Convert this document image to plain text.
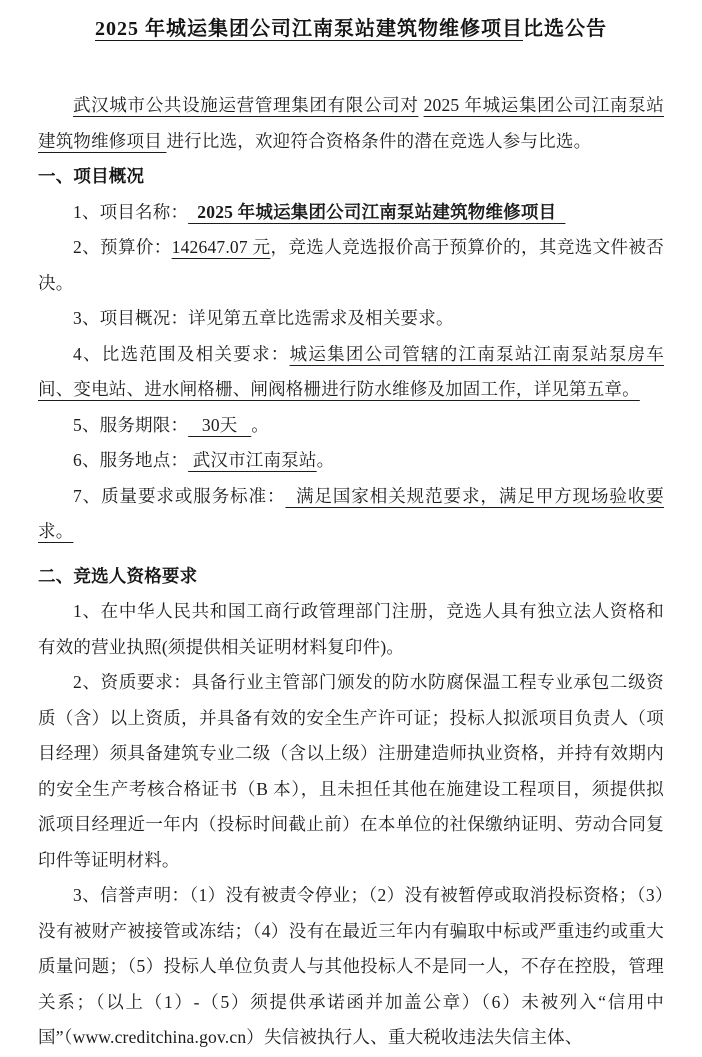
2025 年城运集团公司江南泵站建筑物维修项目比选公告

武汉城市公共设施运营管理集团有限公司对 2025 年城运集团公司江南泵站建筑物维修项目 进行比选，欢迎符合资格条件的潜在竞选人参与比选。

一、项目概况

1、项目名称：  2025 年城运集团公司江南泵站建筑物维修项目

2、预算价：142647.07 元，竞选人竞选报价高于预算价的，其竞选文件被否决。

3、项目概况：详见第五章比选需求及相关要求。

4、比选范围及相关要求：城运集团公司管辖的江南泵站江南泵站泵房车间、变电站、进水闸格栅、闸阀格栅进行防水维修及加固工作，详见第五章。

5、服务期限：   30天   。

6、服务地点： 武汉市江南泵站。

7、质量要求或服务标准：  满足国家相关规范要求，满足甲方现场验收要求。

二、竞选人资格要求

1、在中华人民共和国工商行政管理部门注册，竞选人具有独立法人资格和有效的营业执照(须提供相关证明材料复印件)。

2、资质要求：具备行业主管部门颁发的防水防腐保温工程专业承包二级资质（含）以上资质，并具备有效的安全生产许可证；投标人拟派项目负责人（项目经理）须具备建筑专业二级（含以上级）注册建造师执业资格，并持有效期内的安全生产考核合格证书（B 本），且未担任其他在施建设工程项目，须提供拟派项目经理近一年内（投标时间截止前）在本单位的社保缴纳证明、劳动合同复印件等证明材料。

3、信誉声明：（1）没有被责令停业；（2）没有被暂停或取消投标资格；（3）没有被财产被接管或冻结；（4）没有在最近三年内有骗取中标或严重违约或重大质量问题；（5）投标人单位负责人与其他投标人不是同一人，不存在控股，管理关系；（以上（1）-（5）须提供承诺函并加盖公章）（6）未被列入“信用中国”（www.creditchina.gov.cn）失信被执行人、重大税收违法失信主体、
